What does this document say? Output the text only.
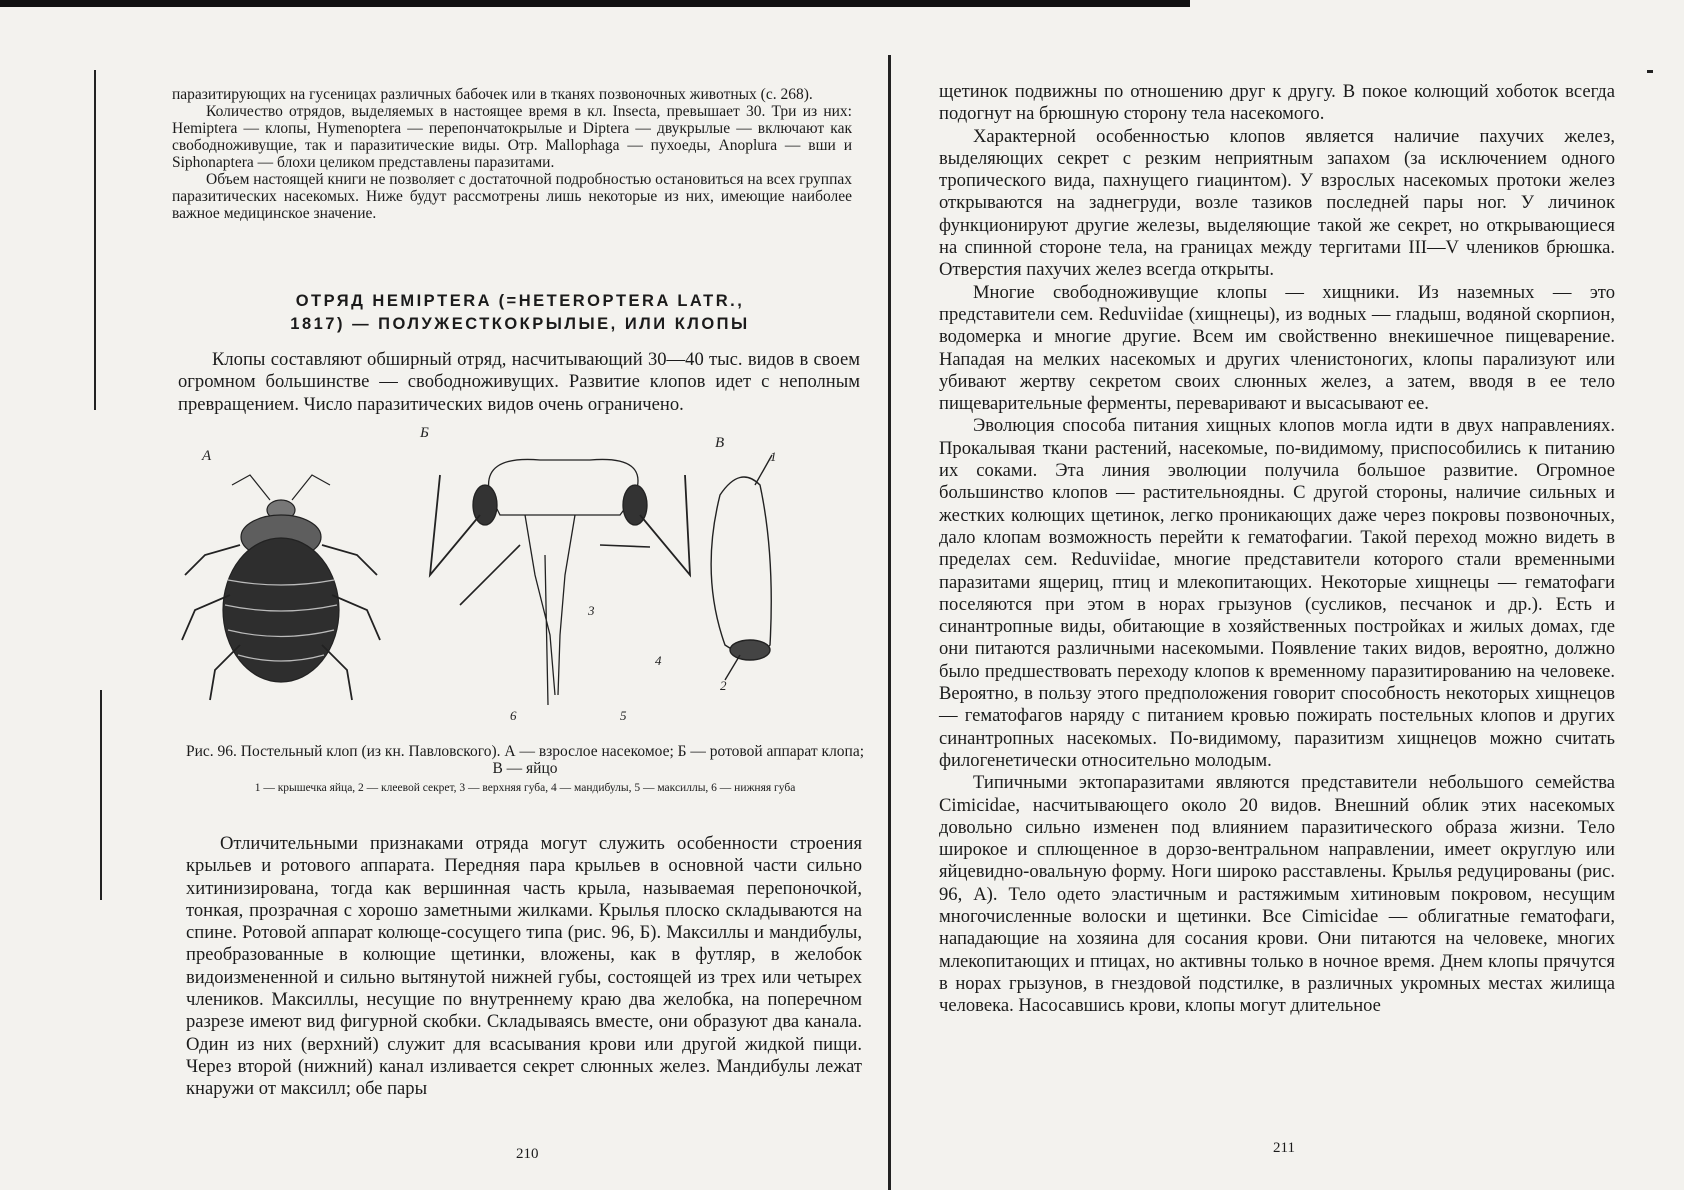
паразитирующих на гусеницах различных бабочек или в тканях позвоночных животных (с. 268).

Количество отрядов, выделяемых в настоящее время в кл. Insecta, превышает 30. Три из них: Hemiptera — клопы, Hymenoptera — перепончатокрылые и Diptera — двукрылые — включают как свободноживущие, так и паразитические виды. Отр. Mallophaga — пухоеды, Anoplura — вши и Siphonaptera — блохи целиком представлены паразитами.

Объем настоящей книги не позволяет с достаточной подробностью остановиться на всех группах паразитических насекомых. Ниже будут рассмотрены лишь некоторые из них, имеющие наиболее важное медицинское значение.

ОТРЯД HEMIPTERA (=HETEROPTERA LATR.,
1817) — ПОЛУЖЕСТКОКРЫЛЫЕ, ИЛИ КЛОПЫ

Клопы составляют обширный отряд, насчитывающий 30—40 тыс. видов в своем огромном большинстве — свободноживущих. Развитие клопов идет с неполным превращением. Число паразитических видов очень ограничено.

А
Б
В
1
2
3
4
5
6
Рис. 96. Постельный клоп (из кн. Павловского). А — взрослое насекомое; Б — ротовой аппарат клопа; В — яйцо
1 — крышечка яйца, 2 — клеевой секрет, 3 — верхняя губа, 4 — мандибулы, 5 — максиллы, 6 — нижняя губа

Отличительными признаками отряда могут служить особенности строения крыльев и ротового аппарата. Передняя пара крыльев в основной части сильно хитинизирована, тогда как вершинная часть крыла, называемая перепоночкой, тонкая, прозрачная с хорошо заметными жилками. Крылья плоско складываются на спине. Ротовой аппарат колюще-сосущего типа (рис. 96, Б). Максиллы и мандибулы, преобразованные в колющие щетинки, вложены, как в футляр, в желобок видоизмененной и сильно вытянутой нижней губы, состоящей из трех или четырех члеников. Максиллы, несущие по внутреннему краю два желобка, на поперечном разрезе имеют вид фигурной скобки. Складываясь вместе, они образуют два канала. Один из них (верхний) служит для всасывания крови или другой жидкой пищи. Через второй (нижний) канал изливается секрет слюнных желез. Мандибулы лежат кнаружи от максилл; обе пары

210

щетинок подвижны по отношению друг к другу. В покое колющий хоботок всегда подогнут на брюшную сторону тела насекомого.

Характерной особенностью клопов является наличие пахучих желез, выделяющих секрет с резким неприятным запахом (за исключением одного тропического вида, пахнущего гиацинтом). У взрослых насекомых протоки желез открываются на заднегруди, возле тазиков последней пары ног. У личинок функционируют другие железы, выделяющие такой же секрет, но открывающиеся на спинной стороне тела, на границах между тергитами III—V члеников брюшка. Отверстия пахучих желез всегда открыты.

Многие свободноживущие клопы — хищники. Из наземных — это представители сем. Reduviidae (хищнецы), из водных — гладыш, водяной скорпион, водомерка и многие другие. Всем им свойственно внекишечное пищеварение. Нападая на мелких насекомых и других членистоногих, клопы парализуют или убивают жертву секретом своих слюнных желез, а затем, вводя в ее тело пищеварительные ферменты, переваривают и высасывают ее.

Эволюция способа питания хищных клопов могла идти в двух направлениях. Прокалывая ткани растений, насекомые, по-видимому, приспособились к питанию их соками. Эта линия эволюции получила большое развитие. Огромное большинство клопов — растительноядны. С другой стороны, наличие сильных и жестких колющих щетинок, легко проникающих даже через покровы позвоночных, дало клопам возможность перейти к гематофагии. Такой переход можно видеть в пределах сем. Reduviidae, многие представители которого стали временными паразитами ящериц, птиц и млекопитающих. Некоторые хищнецы — гематофаги поселяются при этом в норах грызунов (сусликов, песчанок и др.). Есть и синантропные виды, обитающие в хозяйственных постройках и жилых домах, где они питаются различными насекомыми. Появление таких видов, вероятно, должно было предшествовать переходу клопов к временному паразитированию на человеке. Вероятно, в пользу этого предположения говорит способность некоторых хищнецов — гематофагов наряду с питанием кровью пожирать постельных клопов и других синантропных насекомых. По-видимому, паразитизм хищнецов можно считать филогенетически относительно молодым.

Типичными эктопаразитами являются представители небольшого семейства Cimicidae, насчитывающего около 20 видов. Внешний облик этих насекомых довольно сильно изменен под влиянием паразитического образа жизни. Тело широкое и сплющенное в дорзо-вентральном направлении, имеет округлую или яйцевидно-овальную форму. Ноги широко расставлены. Крылья редуцированы (рис. 96, А). Тело одето эластичным и растяжимым хитиновым покровом, несущим многочисленные волоски и щетинки. Все Cimicidae — облигатные гематофаги, нападающие на хозяина для сосания крови. Они питаются на человеке, многих млекопитающих и птицах, но активны только в ночное время. Днем клопы прячутся в норах грызунов, в гнездовой подстилке, в различных укромных местах жилища человека. Насосавшись крови, клопы могут длительное

211
